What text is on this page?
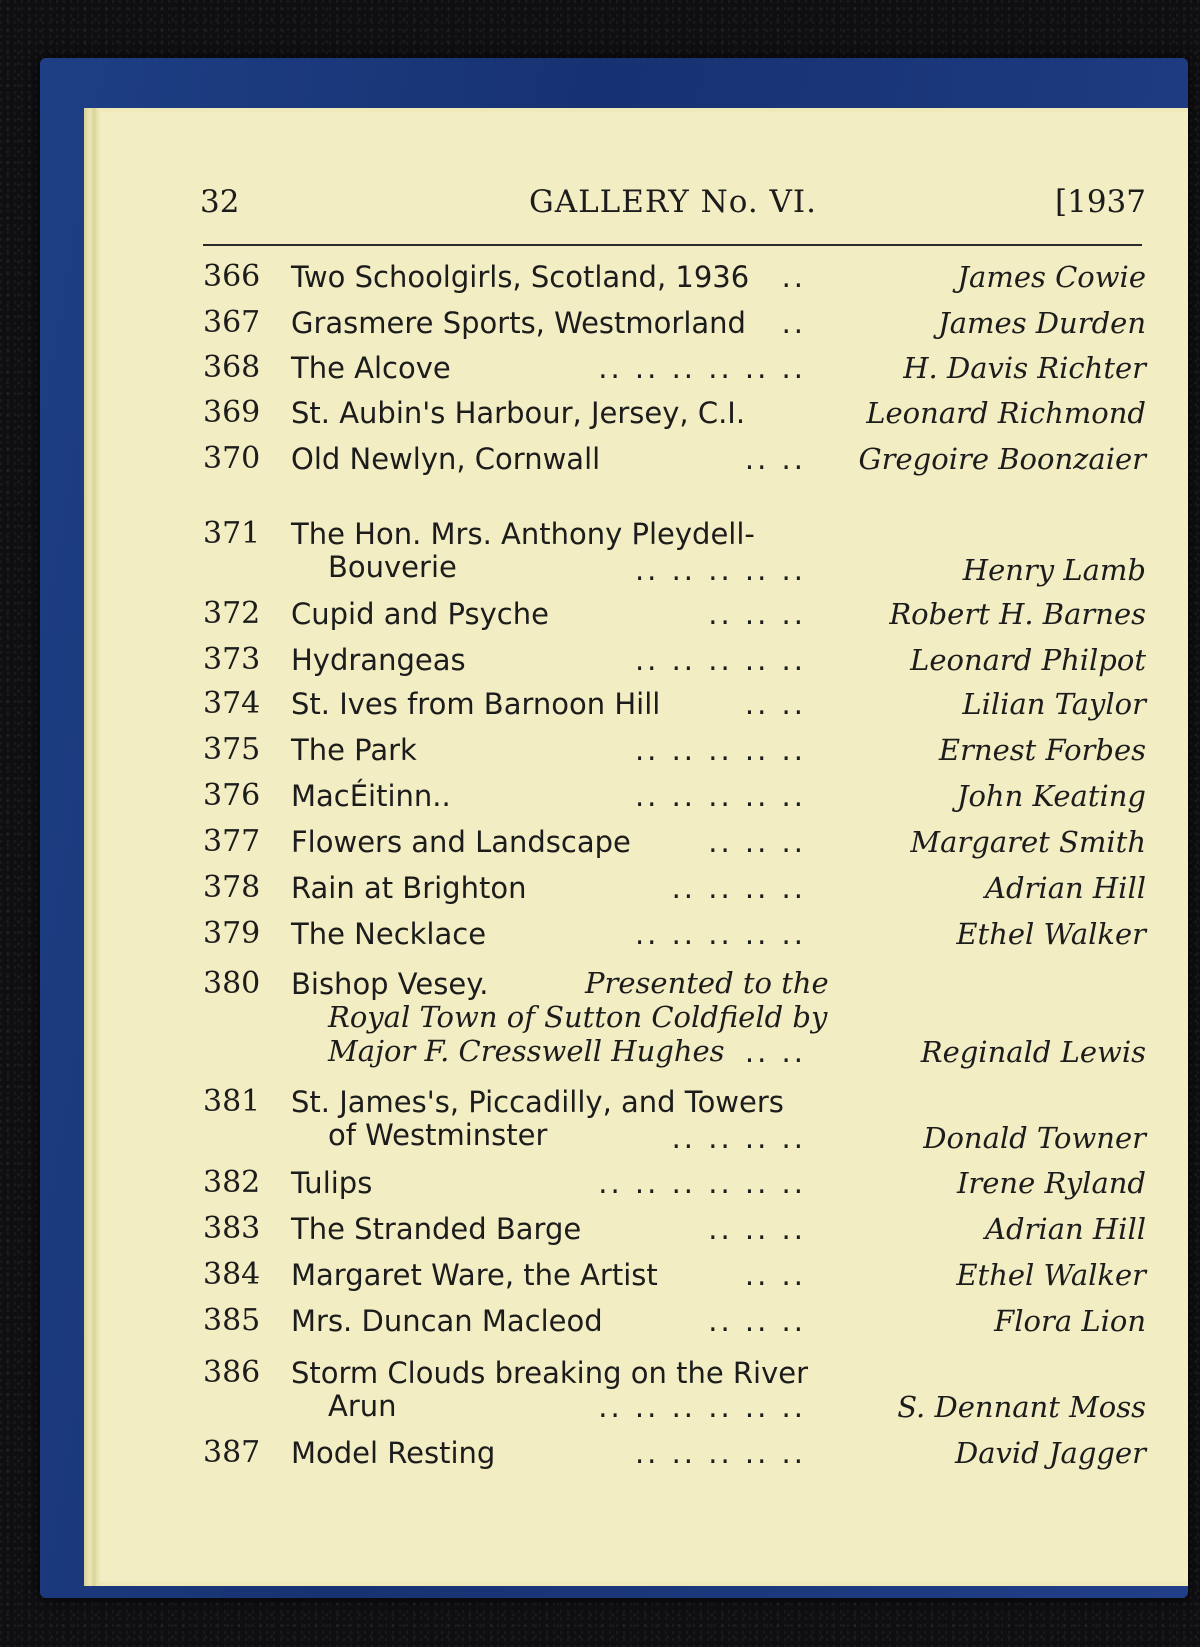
32	GALLERY No. VI.	[1937
366 Two Schoolgirls, Scotland, 1936 ..	James Cowie
367 Grasmere Sports, Westmorland ..	James Durden
368 The Alcove	.. .. .. .. .. ..	H. Davis Richter
369 St. Aubin's Harbour, Jersey, C.I.	Leonard Richmond
370 Old Newlyn, Cornwall	.. .. Gregoire Boonzaier
371 The Hon. Mrs. Anthony Pleydell-
Bouverie	.. .. .. .. ..	Henry Lamb
372 Cupid and Psyche	.. .. ..	Robert H. Barnes
373 Hydrangeas	.. .. .. .. ..	Leonard Philpot
374 St. Ives from Barnoon Hill	.. ..	Lilian Taylor
375 The Park	.. .. .. .. ..	Ernest Forbes
376 MacÉitinn..	.. .. .. .. ..	John Keating
377 Flowers and Landscape	.. .. ..	Margaret Smith
378 Rain at Brighton	.. .. .. ..	Adrian Hill
379 The Necklace	.. .. .. .. ..	Ethel Walker
380 Bishop Vesey.	Presented to the
Royal Town of Sutton Coldfield by
Major F. Cresswell Hughes .. ..	Reginald Lewis
381 St. James's, Piccadilly, and Towers
of Westminster	.. .. .. ..	Donald Towner
382 Tulips	.. .. .. .. .. ..	Irene Ryland
383 The Stranded Barge	.. .. ..	Adrian Hill
384 Margaret Ware, the Artist	.. ..	Ethel Walker
385 Mrs. Duncan Macleod	.. .. ..	Flora Lion
386 Storm Clouds breaking on the River
Arun	.. .. .. .. .. ..	S. Dennant Moss
387 Model Resting	.. .. .. .. ..	David Jagger
